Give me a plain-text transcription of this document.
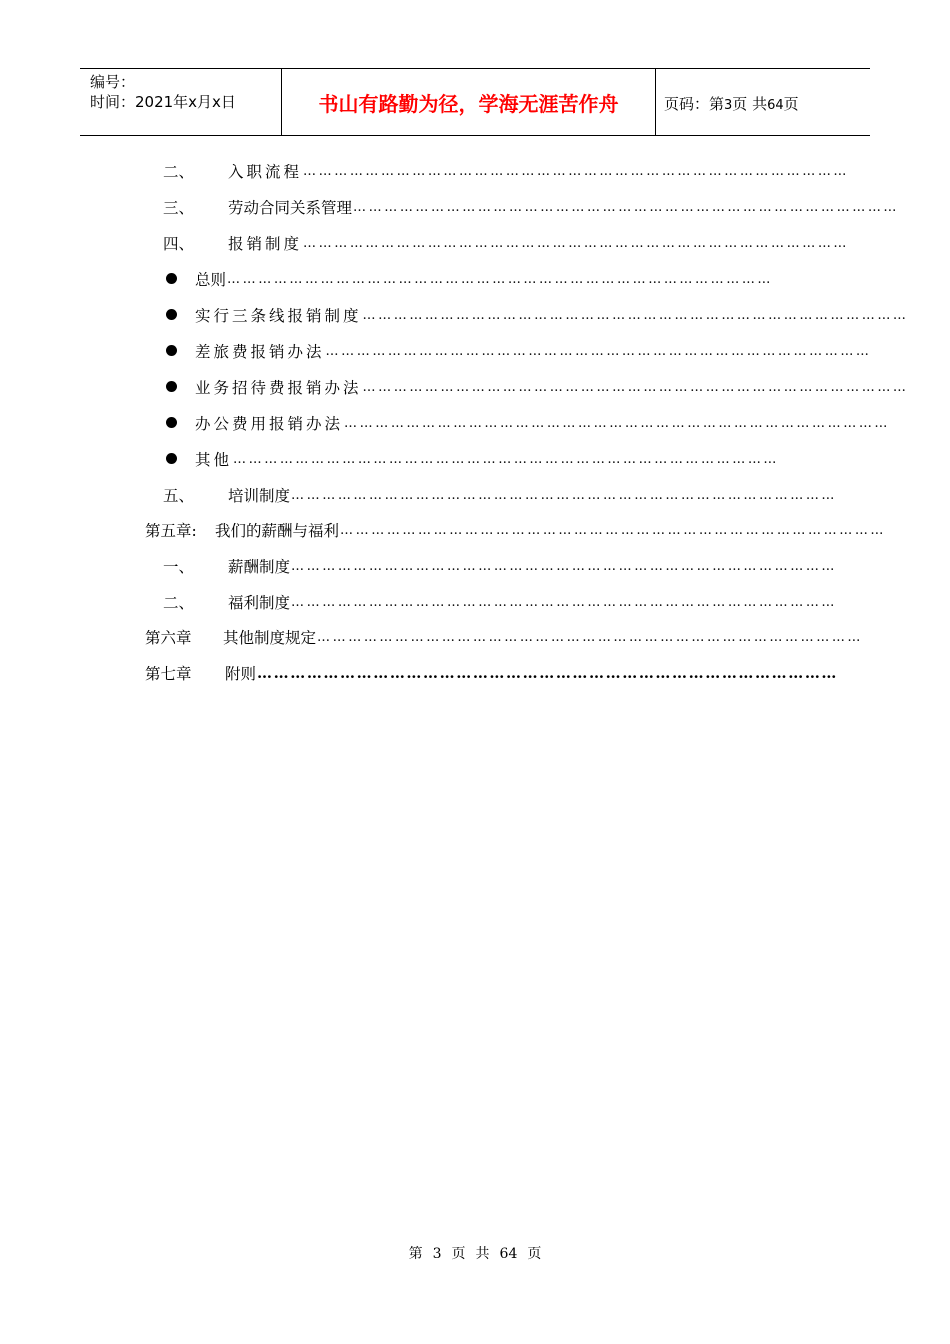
编号：
时间：2021年x月x日	书山有路勤为径，学海无涯苦作舟	页码：第3页 共64页
二、	入职流程 ……………………………………………………………………………………………
三、	劳动合同关系管理 ……………………………………………………………………………………………
四、	报销制度 ……………………………………………………………………………………………
总则 ……………………………………………………………………………………………
实行三条线报销制度 ……………………………………………………………………………………………
差旅费报销办法 ……………………………………………………………………………………………
业务招待费报销办法 ……………………………………………………………………………………………
办公费用报销办法 ……………………………………………………………………………………………
其他 ……………………………………………………………………………………………
五、	培训制度 ……………………………………………………………………………………………
第五章:	我们的薪酬与福利 ……………………………………………………………………………………………
一、	薪酬制度 ……………………………………………………………………………………………
二、	福利制度 ……………………………………………………………………………………………
第六章	其他制度规定 ……………………………………………………………………………………………
第七章	附则 ……………………………………………………………………………………………
第 3 页 共 64 页
